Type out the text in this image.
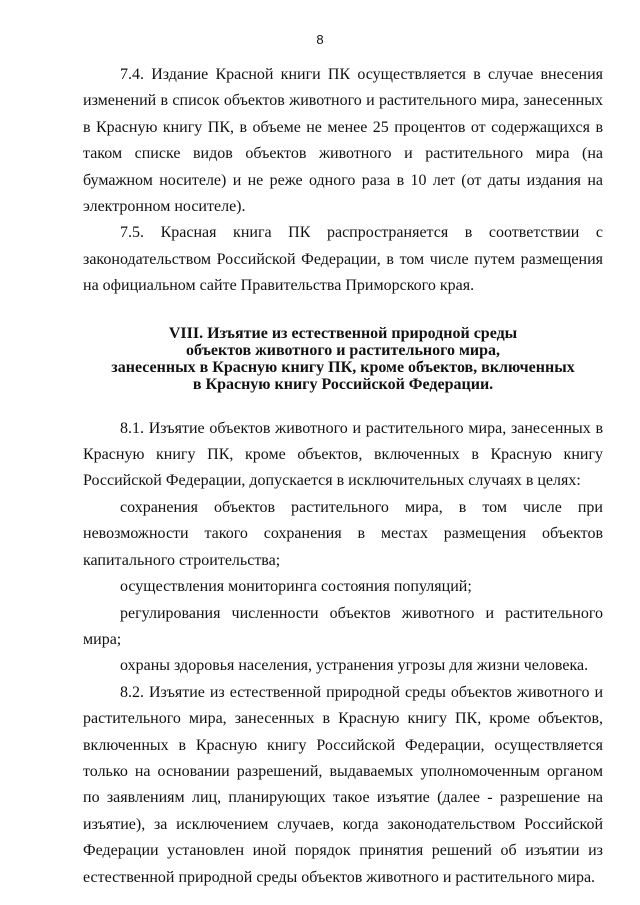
8

7.4. Издание Красной книги ПК осуществляется в случае внесения изменений в список объектов животного и растительного мира, занесенных в Красную книгу ПК, в объеме не менее 25 процентов от содержащихся в таком списке видов объектов животного и растительного мира (на бумажном носителе) и не реже одного раза в 10 лет (от даты издания на электронном носителе).

7.5. Красная книга ПК распространяется в соответствии с законодательством Российской Федерации, в том числе путем размещения на официальном сайте Правительства Приморского края.

VIII. Изъятие из естественной природной среды
объектов животного и растительного мира,
занесенных в Красную книгу ПК, кроме объектов, включенных
в Красную книгу Российской Федерации.

8.1. Изъятие объектов животного и растительного мира, занесенных в Красную книгу ПК, кроме объектов, включенных в Красную книгу Российской Федерации, допускается в исключительных случаях в целях:

сохранения объектов растительного мира, в том числе при невозможности такого сохранения в местах размещения объектов капитального строительства;

осуществления мониторинга состояния популяций;

регулирования численности объектов животного и растительного мира;

охраны здоровья населения, устранения угрозы для жизни человека.

8.2. Изъятие из естественной природной среды объектов животного и растительного мира, занесенных в Красную книгу ПК, кроме объектов, включенных в Красную книгу Российской Федерации, осуществляется только на основании разрешений, выдаваемых уполномоченным органом по заявлениям лиц, планирующих такое изъятие (далее - разрешение на изъятие), за исключением случаев, когда законодательством Российской Федерации установлен иной порядок принятия решений об изъятии из естественной природной среды объектов животного и растительного мира.
